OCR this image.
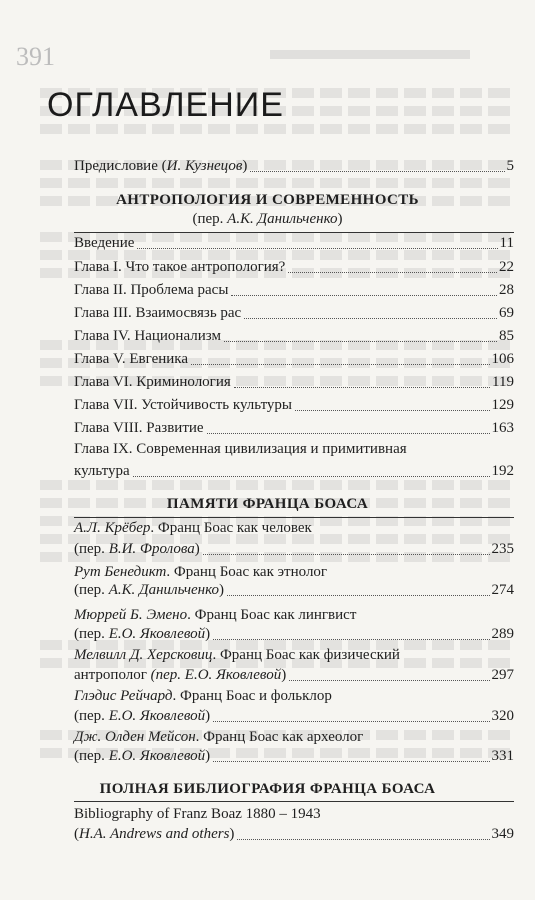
391
ОГЛАВЛЕНИЕ
Предисловие (И. Кузнецов)	5
АНТРОПОЛОГИЯ И СОВРЕМЕННОСТЬ
(пер. А.К. Данильченко)
Введение	11
Глава I. Что такое антропология?	22
Глава II. Проблема расы	28
Глава III. Взаимосвязь рас	69
Глава IV. Национализм	85
Глава V. Евгеника	106
Глава VI. Криминология	119
Глава VII. Устойчивость культуры	129
Глава VIII. Развитие	163
Глава IX. Современная цивилизация и примитивная
культура	192
ПАМЯТИ ФРАНЦА БОАСА
А.Л. Крёбер. Франц Боас как человек
(пер. В.И. Фролова)	235
Рут Бенедикт. Франц Боас как этнолог
(пер. А.К. Данильченко)	274
Мюррей Б. Эмено. Франц Боас как лингвист
(пер. Е.О. Яковлевой)	289
Мелвилл Д. Херсковиц. Франц Боас как физический
антрополог (пер. Е.О. Яковлевой)	297
Глэдис Рейчард. Франц Боас и фольклор
(пер. Е.О. Яковлевой)	320
Дж. Олден Мейсон. Франц Боас как археолог
(пер. Е.О. Яковлевой)	331
ПОЛНАЯ БИБЛИОГРАФИЯ ФРАНЦА БОАСА
Bibliography of Franz Boaz 1880 – 1943
(H.A. Andrews and others)	349
